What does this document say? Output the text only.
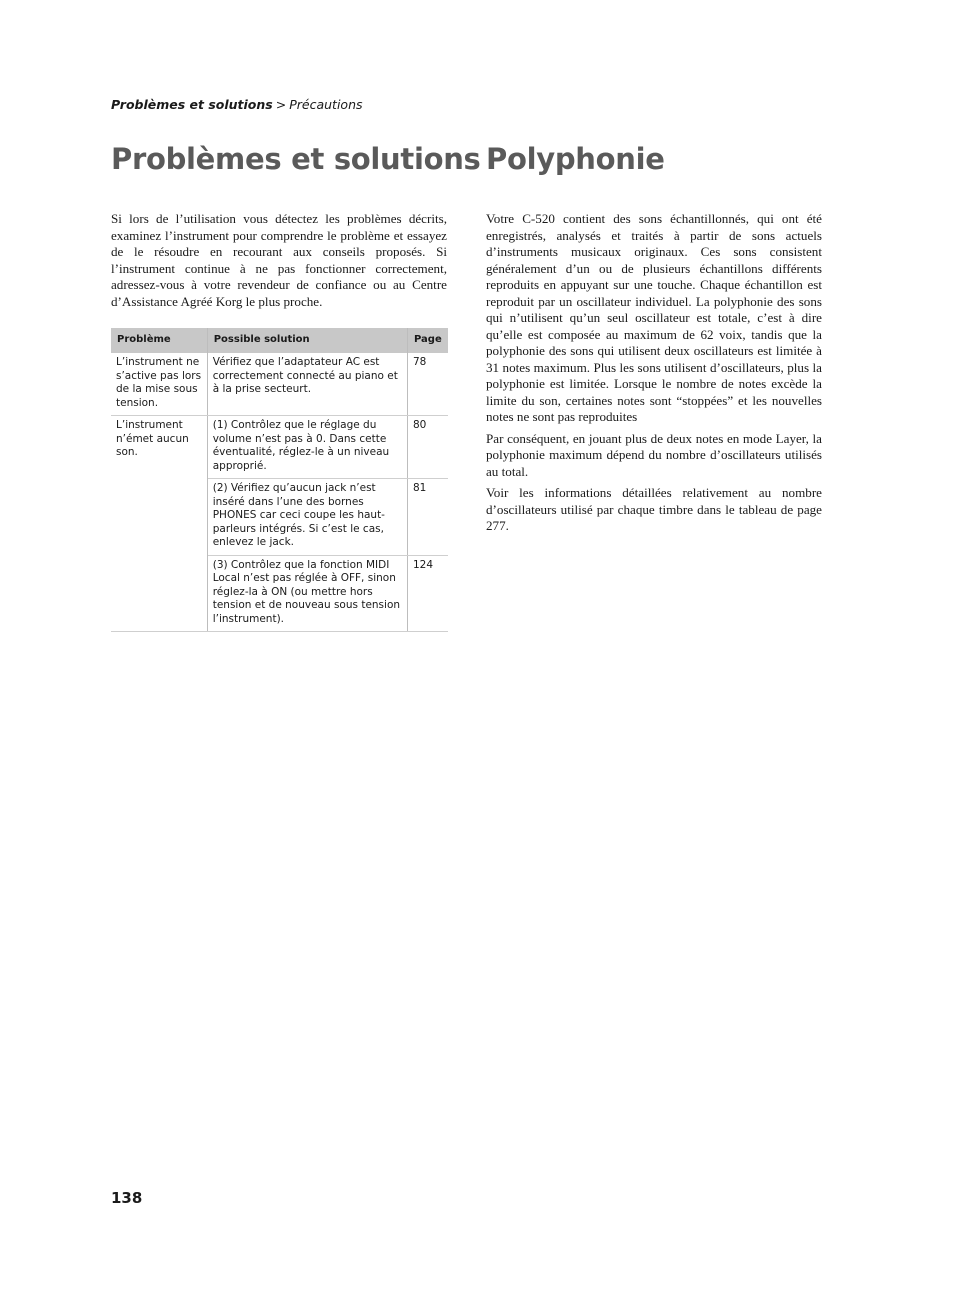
Problèmes et solutions > Précautions
Problèmes et solutions Polyphonie

Si lors de l’utilisation vous détectez les problèmes décrits, examinez l’instrument pour comprendre le problème et essayez de le résoudre en recourant aux conseils proposés. Si l’instrument continue à ne pas fonctionner correctement, adressez-vous à votre revendeur de confiance ou au Centre d’Assistance Agréé Korg le plus proche.

Problème	Possible solution	Page
L’instrument ne s’active pas lors de la mise sous tension.	Vérifiez que l’adaptateur AC est correctement connecté au piano et à la prise secteurt.	78
L’instrument n’émet aucun son.	(1) Contrôlez que le réglage du volume n’est pas à 0. Dans cette éventualité, réglez-le à un niveau approprié.	80
	(2) Vérifiez qu’aucun jack n’est inséré dans l’une des bornes PHONES car ceci coupe les haut-parleurs intégrés. Si c’est le cas, enlevez le jack.	81
	(3) Contrôlez que la fonction MIDI Local n’est pas réglée à OFF, sinon réglez-la à ON (ou mettre hors tension et de nouveau sous tension l’instrument).	124

Votre C-520 contient des sons échantillonnés, qui ont été enregistrés, analysés et traités à partir de sons actuels d’instruments musicaux originaux. Ces sons consistent généralement d’un ou de plusieurs échantillons différents reproduits en appuyant sur une touche. Chaque échantillon est reproduit par un oscillateur individuel. La polyphonie des sons qui n’utilisent qu’un seul oscillateur est totale, c’est à dire qu’elle est composée au maximum de 62 voix, tandis que la polyphonie des sons qui utilisent deux oscillateurs est limitée à 31 notes maximum. Plus les sons utilisent d’oscillateurs, plus la polyphonie est limitée. Lorsque le nombre de notes excède la limite du son, certaines notes sont “stoppées” et les nouvelles notes ne sont pas reproduites

Par conséquent, en jouant plus de deux notes en mode Layer, la polyphonie maximum dépend du nombre d’oscillateurs utilisés au total.

Voir les informations détaillées relativement au nombre d’oscillateurs utilisé par chaque timbre dans le tableau de page 277.

138
